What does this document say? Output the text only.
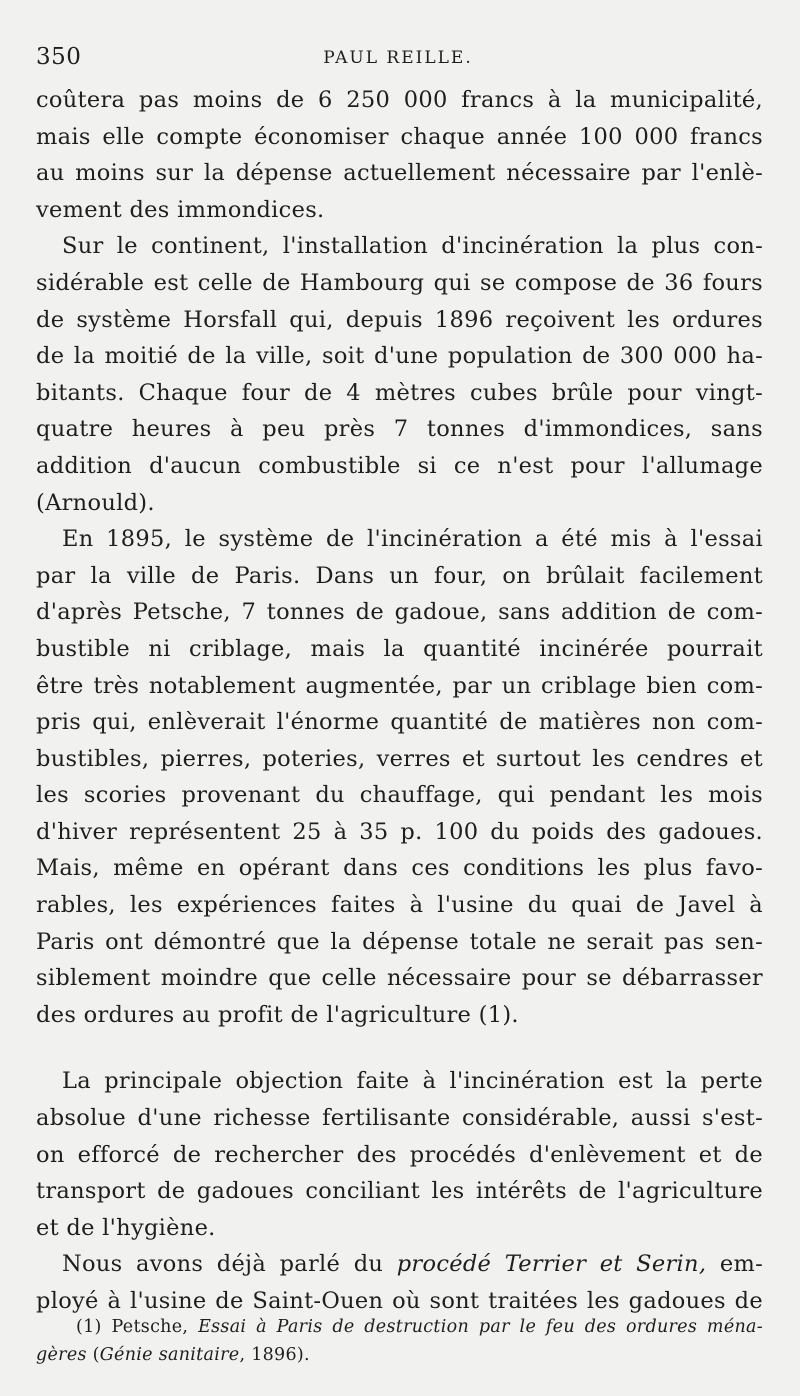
350	PAUL REILLE.

coûtera pas moins de 6 250 000 francs à la municipalité,
mais elle compte économiser chaque année 100 000 francs
au moins sur la dépense actuellement nécessaire par l'enlè-
vement des immondices.

Sur le continent, l'installation d'incinération la plus con-
sidérable est celle de Hambourg qui se compose de 36 fours
de système Horsfall qui, depuis 1896 reçoivent les ordures
de la moitié de la ville, soit d'une population de 300 000 ha-
bitants. Chaque four de 4 mètres cubes brûle pour vingt-
quatre heures à peu près 7 tonnes d'immondices, sans
addition d'aucun combustible si ce n'est pour l'allumage
(Arnould).

En 1895, le système de l'incinération a été mis à l'essai
par la ville de Paris. Dans un four, on brûlait facilement
d'après Petsche, 7 tonnes de gadoue, sans addition de com-
bustible ni criblage, mais la quantité incinérée pourrait
être très notablement augmentée, par un criblage bien com-
pris qui, enlèverait l'énorme quantité de matières non com-
bustibles, pierres, poteries, verres et surtout les cendres et
les scories provenant du chauffage, qui pendant les mois
d'hiver représentent 25 à 35 p. 100 du poids des gadoues.
Mais, même en opérant dans ces conditions les plus favo-
rables, les expériences faites à l'usine du quai de Javel à
Paris ont démontré que la dépense totale ne serait pas sen-
siblement moindre que celle nécessaire pour se débarrasser
des ordures au profit de l'agriculture (1).

La principale objection faite à l'incinération est la perte
absolue d'une richesse fertilisante considérable, aussi s'est-
on efforcé de rechercher des procédés d'enlèvement et de
transport de gadoues conciliant les intérêts de l'agriculture
et de l'hygiène.

Nous avons déjà parlé du procédé Terrier et Serin, em-
ployé à l'usine de Saint-Ouen où sont traitées les gadoues de

(1) Petsche, Essai à Paris de destruction par le feu des ordures ména-
gères (Génie sanitaire, 1896).
